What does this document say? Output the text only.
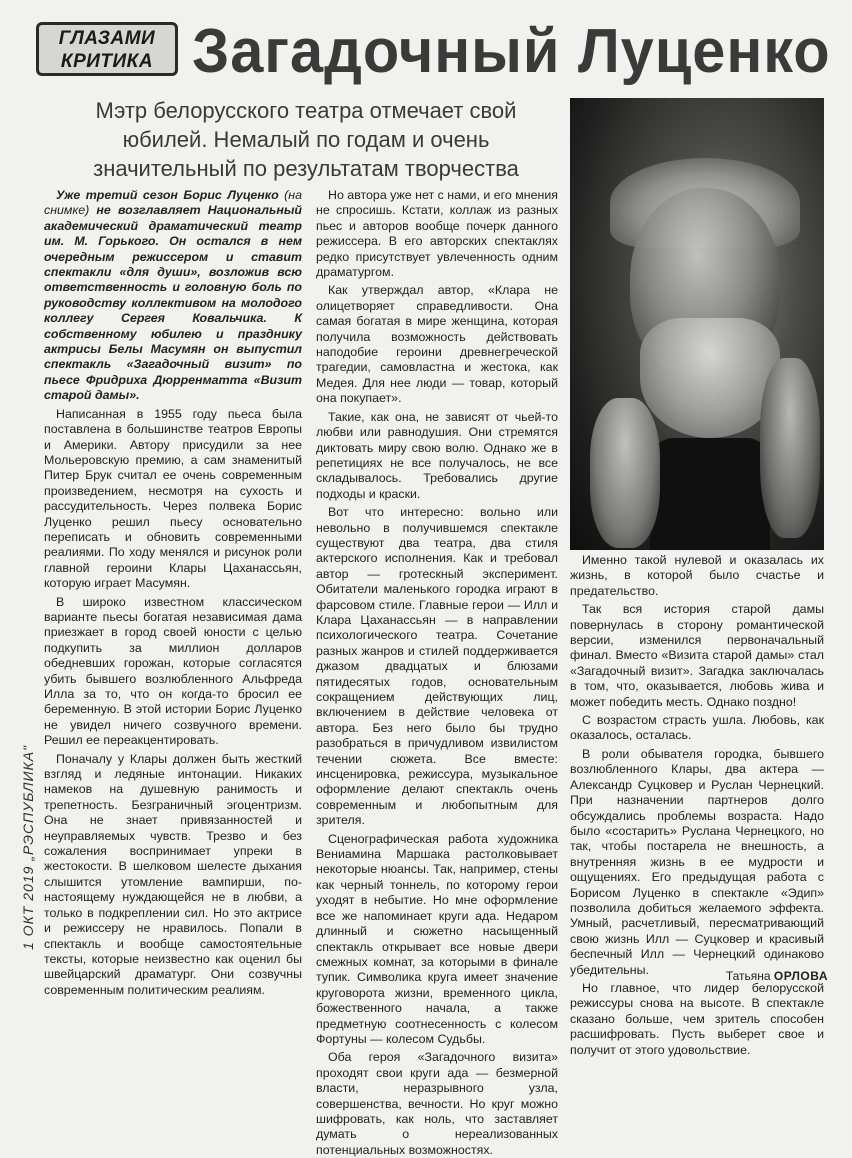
ГЛАЗАМИ
КРИТИКА Загадочный Луценко
Мэтр белорусского театра отмечает свой юбилей. Немалый по годам и очень значительный по результатам творчества

Уже третий сезон Борис Луценко (на снимке) не возглавляет Национальный академический драматический театр им. М. Горького. Он остался в нем очередным режиссером и ставит спектакли «для души», возложив всю ответственность и головную боль по руководству коллективом на молодого коллегу Сергея Ковальчика. К собственному юбилею и празднику актрисы Белы Масумян он выпустил спектакль «Загадочный визит» по пьесе Фридриха Дюрренматта «Визит старой дамы».

Написанная в 1955 году пьеса была поставлена в большинстве театров Европы и Америки. Автору присудили за нее Мольеровскую премию, а сам знаменитый Питер Брук считал ее очень современным произведением, несмотря на сухость и рассудительность. Через полвека Борис Луценко решил пьесу основательно переписать и обновить современными реалиями. По ходу менялся и рисунок роли главной героини Клары Цаханассьян, которую играет Масумян.

В широко известном классическом варианте пьесы богатая независимая дама приезжает в город своей юности с целью подкупить за миллион долларов обедневших горожан, которые согласятся убить бывшего возлюбленного Альфреда Илла за то, что он когда-то бросил ее беременную. В этой истории Борис Луценко не увидел ничего созвучного времени. Решил ее переакцентировать.

Поначалу у Клары должен быть жесткий взгляд и ледяные интонации. Никаких намеков на душевную ранимость и трепетность. Безграничный эгоцентризм. Она не знает привязанностей и неуправляемых чувств. Трезво и без сожаления воспринимает упреки в жестокости. В шелковом шелесте дыхания слышится утомление вампирши, по-настоящему нуждающейся не в любви, а только в подкреплении сил. Но это актрисе и режиссеру не нравилось. Попали в спектакль и вообще самостоятельные тексты, которые неизвестно как оценил бы швейцарский драматург. Они созвучны современным политическим реалиям.

Но автора уже нет с нами, и его мнения не спросишь. Кстати, коллаж из разных пьес и авторов вообще почерк данного режиссера. В его авторских спектаклях редко присутствует увлеченность одним драматургом.

Как утверждал автор, «Клара не олицетворяет справедливости. Она самая богатая в мире женщина, которая получила возможность действовать наподобие героини древнегреческой трагедии, самовластна и жестока, как Медея. Для нее люди — товар, который она покупает».

Такие, как она, не зависят от чьей-то любви или равнодушия. Они стремятся диктовать миру свою волю. Однако же в репетициях не все получалось, не все складывалось. Требовались другие подходы и краски.

Вот что интересно: вольно или невольно в получившемся спектакле существуют два театра, два стиля актерского исполнения. Как и требовал автор — гротескный эксперимент. Обитатели маленького городка играют в фарсовом стиле. Главные герои — Илл и Клара Цаханассьян — в направлении психологического театра. Сочетание разных жанров и стилей поддерживается джазом двадцатых и блюзами пятидесятых годов, основательным сокращением действующих лиц, включением в действие человека от автора. Без него было бы трудно разобраться в причудливом извилистом течении сюжета. Все вместе: инсценировка, режиссура, музыкальное оформление делают спектакль очень современным и любопытным для зрителя.

Сценографическая работа художника Вениамина Маршака растолковывает некоторые нюансы. Так, например, стены как черный тоннель, по которому герои уходят в небытие. Но мне оформление все же напоминает круги ада. Недаром длинный и сюжетно насыщенный спектакль открывает все новые двери смежных комнат, за которыми в финале тупик. Символика круга имеет значение круговорота жизни, временного цикла, божественного начала, а также предметную соотнесенность с колесом Фортуны — колесом Судьбы.

Оба героя «Загадочного визита» проходят свои круги ада — безмерной власти, неразрывного узла, совершенства, вечности. Но круг можно шифровать, как ноль, что заставляет думать о нереализованных потенциальных возможностях.

Именно такой нулевой и оказалась их жизнь, в которой было счастье и предательство.

Так вся история старой дамы повернулась в сторону романтической версии, изменился первоначальный финал. Вместо «Визита старой дамы» стал «Загадочный визит». Загадка заключалась в том, что, оказывается, любовь жива и может победить месть. Однако поздно!

С возрастом страсть ушла. Любовь, как оказалось, осталась.

В роли обывателя городка, бывшего возлюбленного Клары, два актера — Александр Суцковер и Руслан Чернецкий. При назначении партнеров долго обсуждались проблемы возраста. Надо было «состарить» Руслана Чернецкого, но так, чтобы постарела не внешность, а внутренняя жизнь в ее мудрости и ощущениях. Его предыдущая работа с Борисом Луценко в спектакле «Эдип» позволила добиться желаемого эффекта. Умный, расчетливый, пересматривающий свою жизнь Илл — Суцковер и красивый беспечный Илл — Чернецкий одинаково убедительны.

Но главное, что лидер белорусской режиссуры снова на высоте. В спектакле сказано больше, чем зритель способен расшифровать. Пусть выберет свое и получит от этого удовольствие.

Татьяна ОРЛОВА
1 ОКТ 2019 „РЭСПУБЛИКА"
